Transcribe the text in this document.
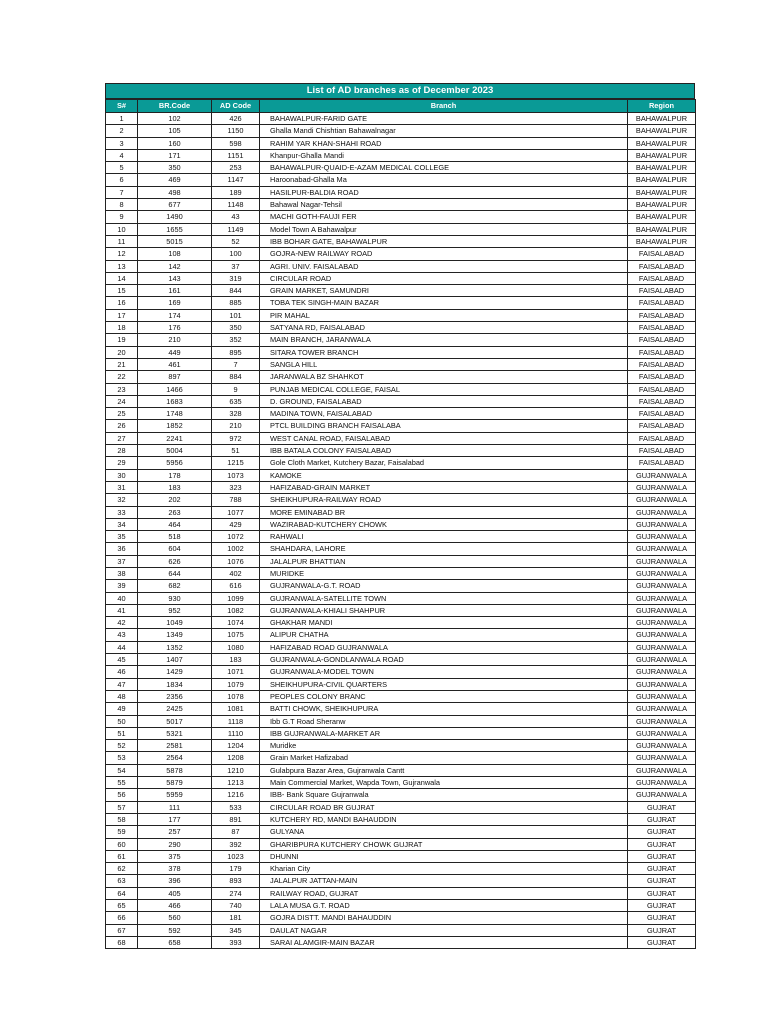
List of AD branches as of December 2023
S#	BR.Code	AD Code	Branch	Region
1	102	426	BAHAWALPUR-FARID GATE	BAHAWALPUR
2	105	1150	Ghalla Mandi Chishtian Bahawalnagar	BAHAWALPUR
3	160	598	RAHIM YAR KHAN-SHAHI ROAD	BAHAWALPUR
4	171	1151	Khanpur-Ghalla Mandi	BAHAWALPUR
5	350	253	BAHAWALPUR-QUAID-E-AZAM MEDICAL COLLEGE	BAHAWALPUR
6	469	1147	Haroonabad-Ghalla Ma	BAHAWALPUR
7	498	189	HASILPUR-BALDIA ROAD	BAHAWALPUR
8	677	1148	Bahawal Nagar-Tehsil	BAHAWALPUR
9	1490	43	MACHI GOTH-FAUJI FER	BAHAWALPUR
10	1655	1149	Model Town A Bahawalpur	BAHAWALPUR
11	5015	52	IBB BOHAR GATE, BAHAWALPUR	BAHAWALPUR
12	108	100	GOJRA-NEW RAILWAY ROAD	FAISALABAD
13	142	37	AGRI. UNIV. FAISALABAD	FAISALABAD
14	143	319	CIRCULAR ROAD	FAISALABAD
15	161	844	GRAIN MARKET, SAMUNDRI	FAISALABAD
16	169	885	TOBA TEK SINGH-MAIN BAZAR	FAISALABAD
17	174	101	PIR MAHAL	FAISALABAD
18	176	350	SATYANA RD, FAISALABAD	FAISALABAD
19	210	352	MAIN BRANCH, JARANWALA	FAISALABAD
20	449	895	SITARA TOWER BRANCH	FAISALABAD
21	461	7	SANGLA HILL	FAISALABAD
22	897	884	JARANWALA BZ SHAHKOT	FAISALABAD
23	1466	9	PUNJAB MEDICAL COLLEGE, FAISAL	FAISALABAD
24	1683	635	D. GROUND, FAISALABAD	FAISALABAD
25	1748	328	MADINA TOWN, FAISALABAD	FAISALABAD
26	1852	210	PTCL BUILDING BRANCH FAISALABA	FAISALABAD
27	2241	972	WEST CANAL ROAD, FAISALABAD	FAISALABAD
28	5004	51	IBB BATALA COLONY FAISALABAD	FAISALABAD
29	5956	1215	Gole Cloth Market, Kutchery Bazar, Faisalabad	FAISALABAD
30	178	1073	KAMOKE	GUJRANWALA
31	183	323	HAFIZABAD-GRAIN MARKET	GUJRANWALA
32	202	788	SHEIKHUPURA-RAILWAY ROAD	GUJRANWALA
33	263	1077	MORE EMINABAD BR	GUJRANWALA
34	464	429	WAZIRABAD-KUTCHERY CHOWK	GUJRANWALA
35	518	1072	RAHWALI	GUJRANWALA
36	604	1002	SHAHDARA, LAHORE	GUJRANWALA
37	626	1076	JALALPUR BHATTIAN	GUJRANWALA
38	644	402	MURIDKE	GUJRANWALA
39	682	616	GUJRANWALA-G.T. ROAD	GUJRANWALA
40	930	1099	GUJRANWALA-SATELLITE TOWN	GUJRANWALA
41	952	1082	GUJRANWALA-KHIALI SHAHPUR	GUJRANWALA
42	1049	1074	GHAKHAR MANDI	GUJRANWALA
43	1349	1075	ALIPUR CHATHA	GUJRANWALA
44	1352	1080	HAFIZABAD ROAD GUJRANWALA	GUJRANWALA
45	1407	183	GUJRANWALA-GONDLANWALA ROAD	GUJRANWALA
46	1429	1071	GUJRANWALA-MODEL TOWN	GUJRANWALA
47	1834	1079	SHEIKHUPURA-CIVIL QUARTERS	GUJRANWALA
48	2356	1078	PEOPLES COLONY BRANC	GUJRANWALA
49	2425	1081	BATTI CHOWK, SHEIKHUPURA	GUJRANWALA
50	5017	1118	Ibb G.T Road Sheranw	GUJRANWALA
51	5321	1110	IBB GUJRANWALA-MARKET AR	GUJRANWALA
52	2581	1204	Muridke	GUJRANWALA
53	2564	1208	Grain Market Hafizabad	GUJRANWALA
54	5878	1210	Gulabpura Bazar Area, Gujranwala Cantt	GUJRANWALA
55	5879	1213	Main Commercial Market, Wapda Town, Gujranwala	GUJRANWALA
56	5959	1216	IBB- Bank Square Gujranwala	GUJRANWALA
57	111	533	CIRCULAR ROAD BR GUJRAT	GUJRAT
58	177	891	KUTCHERY RD, MANDI BAHAUDDIN	GUJRAT
59	257	87	GULYANA	GUJRAT
60	290	392	GHARIBPURA KUTCHERY CHOWK GUJRAT	GUJRAT
61	375	1023	DHUNNI	GUJRAT
62	378	179	Kharian City	GUJRAT
63	396	893	JALALPUR JATTAN-MAIN	GUJRAT
64	405	274	RAILWAY ROAD, GUJRAT	GUJRAT
65	466	740	LALA MUSA G.T. ROAD	GUJRAT
66	560	181	GOJRA DISTT. MANDI BAHAUDDIN	GUJRAT
67	592	345	DAULAT NAGAR	GUJRAT
68	658	393	SARAI ALAMGIR-MAIN BAZAR	GUJRAT
